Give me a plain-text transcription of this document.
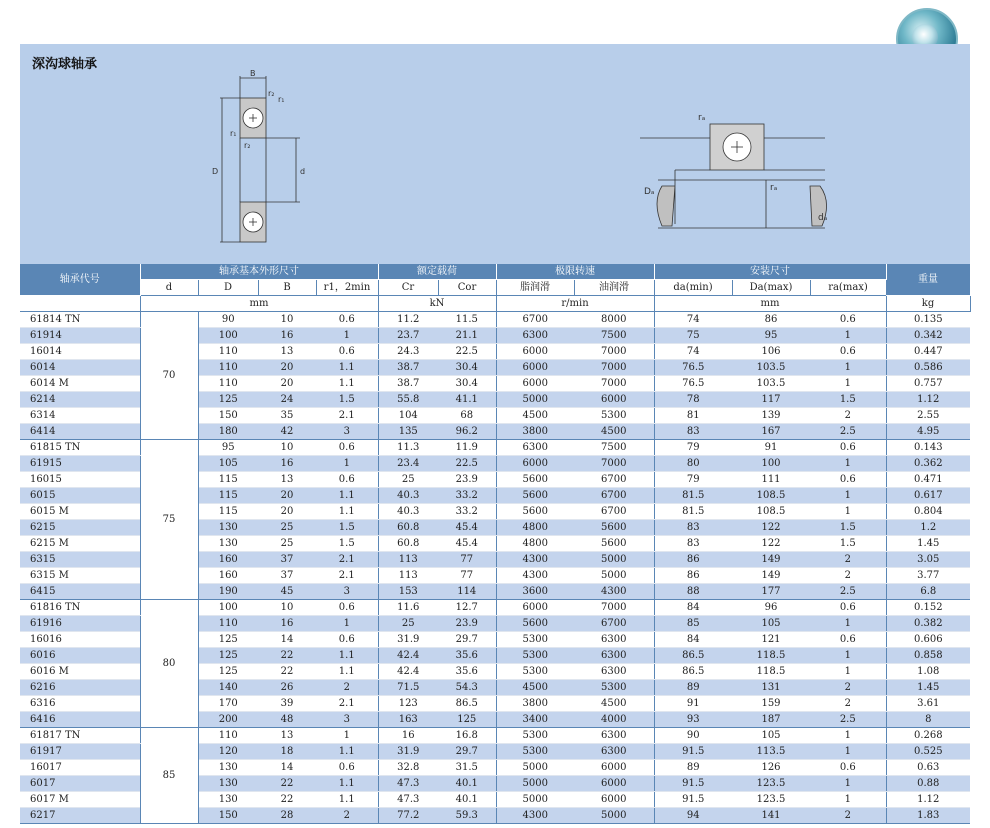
深沟球轴承
B
r₂
r₁
r₁
r₂
D	d
rₐ
Dₐ	rₐ
dₐ
轴承代号	轴承基本外形尺寸				额定载荷		极限转速		安装尺寸			重量
	d	D	B	r1，2min	Cr	Cor	脂润滑	油润滑	da(min)	Da(max)	ra(max)	
	mm				kN		r/min		mm			kg
61814 TN	70	90	10	0.6	11.2	11.5	6700	8000	74	86	0.6	0.135
61914		100	16	1	23.7	21.1	6300	7500	75	95	1	0.342
16014		110	13	0.6	24.3	22.5	6000	7000	74	106	0.6	0.447
6014		110	20	1.1	38.7	30.4	6000	7000	76.5	103.5	1	0.586
6014 M		110	20	1.1	38.7	30.4	6000	7000	76.5	103.5	1	0.757
6214		125	24	1.5	55.8	41.1	5000	6000	78	117	1.5	1.12
6314		150	35	2.1	104	68	4500	5300	81	139	2	2.55
6414		180	42	3	135	96.2	3800	4500	83	167	2.5	4.95
61815 TN	75	95	10	0.6	11.3	11.9	6300	7500	79	91	0.6	0.143
61915		105	16	1	23.4	22.5	6000	7000	80	100	1	0.362
16015		115	13	0.6	25	23.9	5600	6700	79	111	0.6	0.471
6015		115	20	1.1	40.3	33.2	5600	6700	81.5	108.5	1	0.617
6015 M		115	20	1.1	40.3	33.2	5600	6700	81.5	108.5	1	0.804
6215		130	25	1.5	60.8	45.4	4800	5600	83	122	1.5	1.2
6215 M		130	25	1.5	60.8	45.4	4800	5600	83	122	1.5	1.45
6315		160	37	2.1	113	77	4300	5000	86	149	2	3.05
6315 M		160	37	2.1	113	77	4300	5000	86	149	2	3.77
6415		190	45	3	153	114	3600	4300	88	177	2.5	6.8
61816 TN	80	100	10	0.6	11.6	12.7	6000	7000	84	96	0.6	0.152
61916		110	16	1	25	23.9	5600	6700	85	105	1	0.382
16016		125	14	0.6	31.9	29.7	5300	6300	84	121	0.6	0.606
6016		125	22	1.1	42.4	35.6	5300	6300	86.5	118.5	1	0.858
6016 M		125	22	1.1	42.4	35.6	5300	6300	86.5	118.5	1	1.08
6216		140	26	2	71.5	54.3	4500	5300	89	131	2	1.45
6316		170	39	2.1	123	86.5	3800	4500	91	159	2	3.61
6416		200	48	3	163	125	3400	4000	93	187	2.5	8
61817 TN	85	110	13	1	16	16.8	5300	6300	90	105	1	0.268
61917		120	18	1.1	31.9	29.7	5300	6300	91.5	113.5	1	0.525
16017		130	14	0.6	32.8	31.5	5000	6000	89	126	0.6	0.63
6017		130	22	1.1	47.3	40.1	5000	6000	91.5	123.5	1	0.88
6017 M		130	22	1.1	47.3	40.1	5000	6000	91.5	123.5	1	1.12
6217		150	28	2	77.2	59.3	4300	5000	94	141	2	1.83
